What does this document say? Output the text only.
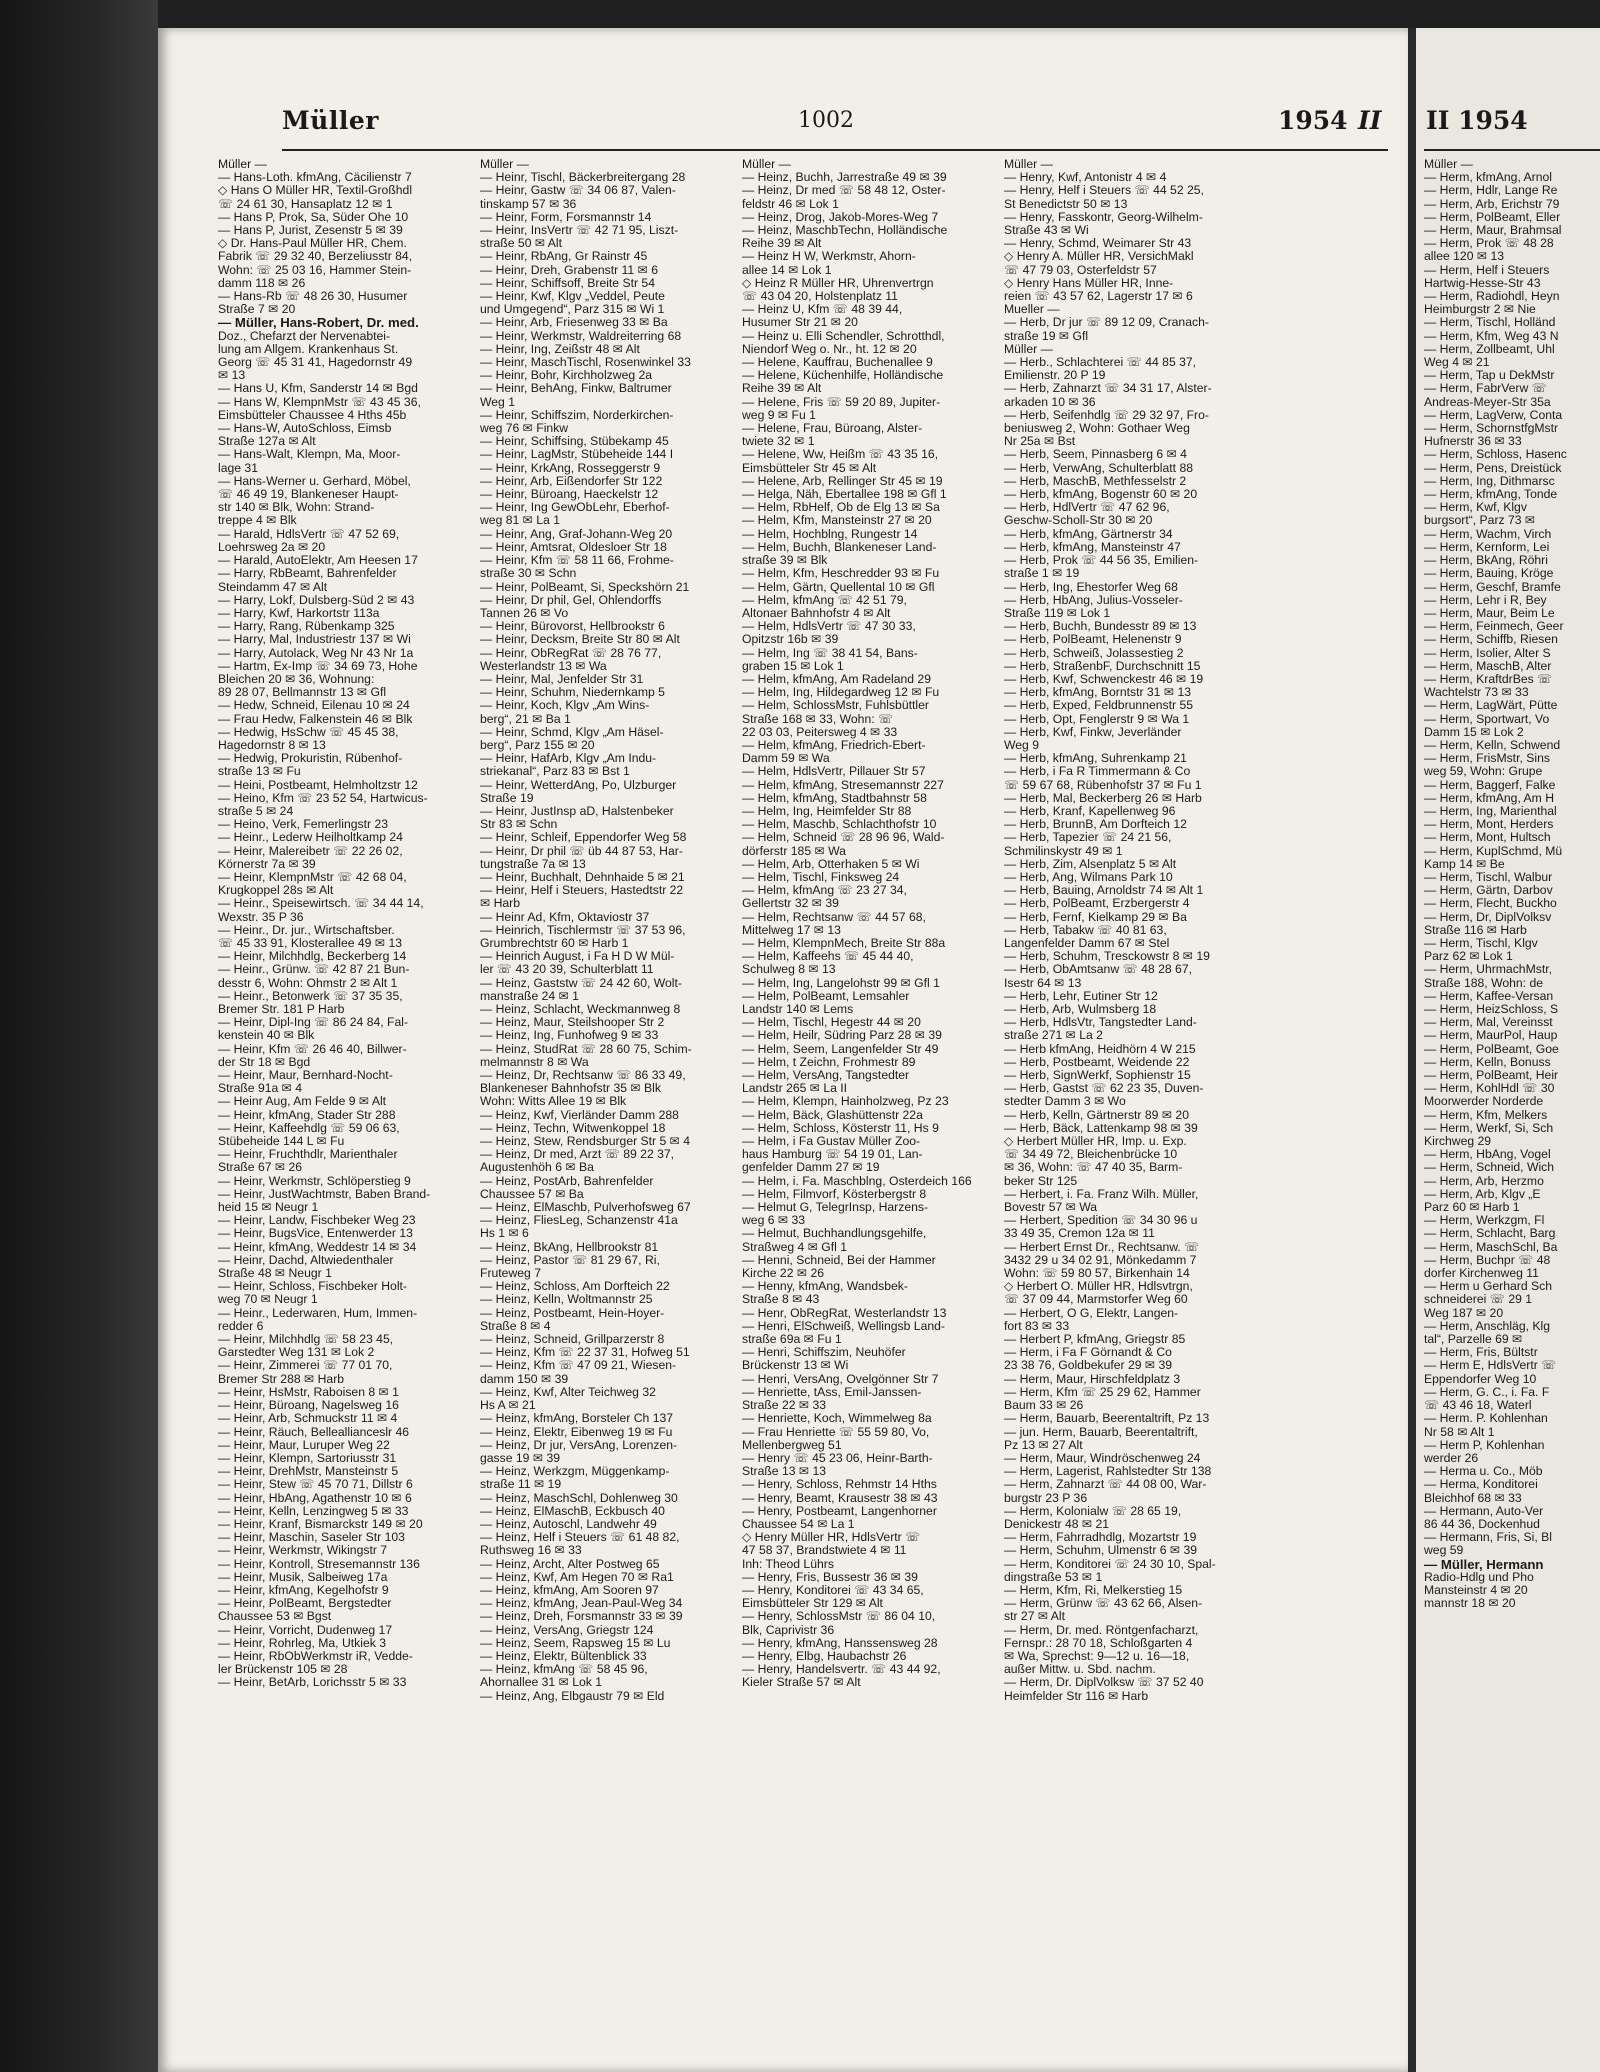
Müller	1002	1954 II
Müller —
— Hans-Loth. kfmAng, Cäcilienstr 7
◇ Hans O Müller HR, Textil-Großhdl
☏ 24 61 30, Hansaplatz 12 ✉ 1
— Hans P, Prok, Sa, Süder Ohe 10
— Hans P, Jurist, Zesenstr 5 ✉ 39
◇ Dr. Hans-Paul Müller HR, Chem.
Fabrik ☏ 29 32 40, Berzeliusstr 84,
Wohn: ☏ 25 03 16, Hammer Stein-
damm 118 ✉ 26
— Hans-Rb ☏ 48 26 30, Husumer
Straße 7 ✉ 20
— Müller, Hans-Robert, Dr. med.
Doz., Chefarzt der Nervenabtei-
lung am Allgem. Krankenhaus St.
Georg ☏ 45 31 41, Hagedornstr 49
✉ 13
— Hans U, Kfm, Sanderstr 14 ✉ Bgd
— Hans W, KlempnMstr ☏ 43 45 36,
Eimsbütteler Chaussee 4 Hths 45b
— Hans-W, AutoSchloss, Eimsb
Straße 127a ✉ Alt
— Hans-Walt, Klempn, Ma, Moor-
lage 31
— Hans-Werner u. Gerhard, Möbel,
☏ 46 49 19, Blankeneser Haupt-
str 140 ✉ Blk, Wohn: Strand-
treppe 4 ✉ Blk
— Harald, HdlsVertr ☏ 47 52 69,
Loehrsweg 2a ✉ 20
— Harald, AutoElektr, Am Heesen 17
— Harry, RbBeamt, Bahrenfelder
Steindamm 47 ✉ Alt
— Harry, Lokf, Dulsberg-Süd 2 ✉ 43
— Harry, Kwf, Harkortstr 113a
— Harry, Rang, Rübenkamp 325
— Harry, Mal, Industriestr 137 ✉ Wi
— Harry, Autolack, Weg Nr 43 Nr 1a
— Hartm, Ex-Imp ☏ 34 69 73, Hohe
Bleichen 20 ✉ 36, Wohnung:
89 28 07, Bellmannstr 13 ✉ Gfl
— Hedw, Schneid, Eilenau 10 ✉ 24
— Frau Hedw, Falkenstein 46 ✉ Blk
— Hedwig, HsSchw ☏ 45 45 38,
Hagedornstr 8 ✉ 13
— Hedwig, Prokuristin, Rübenhof-
straße 13 ✉ Fu
— Heini, Postbeamt, Helmholtzstr 12
— Heino, Kfm ☏ 23 52 54, Hartwicus-
straße 5 ✉ 24
— Heino, Verk, Femerlingstr 23
— Heinr., Lederw Heilholtkamp 24
— Heinr, Malereibetr ☏ 22 26 02,
Körnerstr 7a ✉ 39
— Heinr, KlempnMstr ☏ 42 68 04,
Krugkoppel 28s ✉ Alt
— Heinr., Speisewirtsch. ☏ 34 44 14,
Wexstr. 35 P 36
— Heinr., Dr. jur., Wirtschaftsber.
☏ 45 33 91, Klosterallee 49 ✉ 13
— Heinr, Milchhdlg, Beckerberg 14
— Heinr., Grünw. ☏ 42 87 21 Bun-
desstr 6, Wohn: Ohmstr 2 ✉ Alt 1
— Heinr., Betonwerk ☏ 37 35 35,
Bremer Str. 181 P Harb
— Heinr, Dipl-Ing ☏ 86 24 84, Fal-
kenstein 40 ✉ Blk
— Heinr, Kfm ☏ 26 46 40, Billwer-
der Str 18 ✉ Bgd
— Heinr, Maur, Bernhard-Nocht-
Straße 91a ✉ 4
— Heinr Aug, Am Felde 9 ✉ Alt
— Heinr, kfmAng, Stader Str 288
— Heinr, Kaffeehdlg ☏ 59 06 63,
Stübeheide 144 L ✉ Fu
— Heinr, Fruchthdlr, Marienthaler
Straße 67 ✉ 26
— Heinr, Werkmstr, Schlöperstieg 9
— Heinr, JustWachtmstr, Baben Brand-
heid 15 ✉ Neugr 1
— Heinr, Landw, Fischbeker Weg 23
— Heinr, BugsVice, Entenwerder 13
— Heinr, kfmAng, Weddestr 14 ✉ 34
— Heinr, Dachd, Altwiedenthaler
Straße 48 ✉ Neugr 1
— Heinr, Schloss, Fischbeker Holt-
weg 70 ✉ Neugr 1
— Heinr., Lederwaren, Hum, Immen-
redder 6
— Heinr, Milchhdlg ☏ 58 23 45,
Garstedter Weg 131 ✉ Lok 2
— Heinr, Zimmerei ☏ 77 01 70,
Bremer Str 288 ✉ Harb
— Heinr, HsMstr, Raboisen 8 ✉ 1
— Heinr, Büroang, Nagelsweg 16
— Heinr, Arb, Schmuckstr 11 ✉ 4
— Heinr, Räuch, Belleallianceslr 46
— Heinr, Maur, Luruper Weg 22
— Heinr, Klempn, Sartoriusstr 31
— Heinr, DrehMstr, Mansteinstr 5
— Heinr, Stew ☏ 45 70 71, Dillstr 6
— Heinr, HbAng, Agathenstr 10 ✉ 6
— Heinr, Kelln, Lenzingweg 5 ✉ 33
— Heinr, Kranf, Bismarckstr 149 ✉ 20
— Heinr, Maschin, Saseler Str 103
— Heinr, Werkmstr, Wikingstr 7
— Heinr, Kontroll, Stresemannstr 136
— Heinr, Musik, Salbeiweg 17a
— Heinr, kfmAng, Kegelhofstr 9
— Heinr, PolBeamt, Bergstedter
Chaussee 53 ✉ Bgst
— Heinr, Vorricht, Dudenweg 17
— Heinr, Rohrleg, Ma, Utkiek 3
— Heinr, RbObWerkmstr iR, Vedde-
ler Brückenstr 105 ✉ 28
— Heinr, BetArb, Lorichsstr 5 ✉ 33
Müller —
— Heinr, Tischl, Bäckerbreitergang 28
— Heinr, Gastw ☏ 34 06 87, Valen-
tinskamp 57 ✉ 36
— Heinr, Form, Forsmannstr 14
— Heinr, InsVertr ☏ 42 71 95, Liszt-
straße 50 ✉ Alt
— Heinr, RbAng, Gr Rainstr 45
— Heinr, Dreh, Grabenstr 11 ✉ 6
— Heinr, Schiffsoff, Breite Str 54
— Heinr, Kwf, Klgv „Veddel, Peute
und Umgegend“, Parz 315 ✉ Wi 1
— Heinr, Arb, Friesenweg 33 ✉ Ba
— Heinr, Werkmstr, Waldreiterring 68
— Heinr, Ing, Zeißstr 48 ✉ Alt
— Heinr, MaschTischl, Rosenwinkel 33
— Heinr, Bohr, Kirchholzweg 2a
— Heinr, BehAng, Finkw, Baltrumer
Weg 1
— Heinr, Schiffszim, Norderkirchen-
weg 76 ✉ Finkw
— Heinr, Schiffsing, Stübekamp 45
— Heinr, LagMstr, Stübeheide 144 I
— Heinr, KrkAng, Rosseggerstr 9
— Heinr, Arb, Eißendorfer Str 122
— Heinr, Büroang, Haeckelstr 12
— Heinr, Ing GewObLehr, Eberhof-
weg 81 ✉ La 1
— Heinr, Ang, Graf-Johann-Weg 20
— Heinr, Amtsrat, Oldesloer Str 18
— Heinr, Kfm ☏ 58 11 66, Frohme-
straße 30 ✉ Schn
— Heinr, PolBeamt, Si, Speckshörn 21
— Heinr, Dr phil, Gel, Ohlendorffs
Tannen 26 ✉ Vo
— Heinr, Bürovorst, Hellbrookstr 6
— Heinr, Decksm, Breite Str 80 ✉ Alt
— Heinr, ObRegRat ☏ 28 76 77,
Westerlandstr 13 ✉ Wa
— Heinr, Mal, Jenfelder Str 31
— Heinr, Schuhm, Niedernkamp 5
— Heinr, Koch, Klgv „Am Wins-
berg“, 21 ✉ Ba 1
— Heinr, Schmd, Klgv „Am Häsel-
berg“, Parz 155 ✉ 20
— Heinr, HafArb, Klgv „Am Indu-
striekanal“, Parz 83 ✉ Bst 1
— Heinr, WetterdAng, Po, Ulzburger
Straße 19
— Heinr, JustInsp aD, Halstenbeker
Str 83 ✉ Schn
— Heinr, Schleif, Eppendorfer Weg 58
— Heinr, Dr phil ☏ üb 44 87 53, Har-
tungstraße 7a ✉ 13
— Heinr, Buchhalt, Dehnhaide 5 ✉ 21
— Heinr, Helf i Steuers, Hastedtstr 22
✉ Harb
— Heinr Ad, Kfm, Oktaviostr 37
— Heinrich, Tischlermstr ☏ 37 53 96,
Grumbrechtstr 60 ✉ Harb 1
— Heinrich August, i Fa H D W Mül-
ler ☏ 43 20 39, Schulterblatt 11
— Heinz, Gaststw ☏ 24 42 60, Wolt-
manstraße 24 ✉ 1
— Heinz, Schlacht, Weckmannweg 8
— Heinz, Maur, Steilshooper Str 2
— Heinz, Ing, Funhofweg 9 ✉ 33
— Heinz, StudRat ☏ 28 60 75, Schim-
melmannstr 8 ✉ Wa
— Heinz, Dr, Rechtsanw ☏ 86 33 49,
Blankeneser Bahnhofstr 35 ✉ Blk
Wohn: Witts Allee 19 ✉ Blk
— Heinz, Kwf, Vierländer Damm 288
— Heinz, Techn, Witwenkoppel 18
— Heinz, Stew, Rendsburger Str 5 ✉ 4
— Heinz, Dr med, Arzt ☏ 89 22 37,
Augustenhöh 6 ✉ Ba
— Heinz, PostArb, Bahrenfelder
Chaussee 57 ✉ Ba
— Heinz, ElMaschb, Pulverhofsweg 67
— Heinz, FliesLeg, Schanzenstr 41a
Hs 1 ✉ 6
— Heinz, BkAng, Hellbrookstr 81
— Heinz, Pastor ☏ 81 29 67, Ri,
Fruteweg 7
— Heinz, Schloss, Am Dorfteich 22
— Heinz, Kelln, Woltmannstr 25
— Heinz, Postbeamt, Hein-Hoyer-
Straße 8 ✉ 4
— Heinz, Schneid, Grillparzerstr 8
— Heinz, Kfm ☏ 22 37 31, Hofweg 51
— Heinz, Kfm ☏ 47 09 21, Wiesen-
damm 150 ✉ 39
— Heinz, Kwf, Alter Teichweg 32
Hs A ✉ 21
— Heinz, kfmAng, Borsteler Ch 137
— Heinz, Elektr, Eibenweg 19 ✉ Fu
— Heinz, Dr jur, VersAng, Lorenzen-
gasse 19 ✉ 39
— Heinz, Werkzgm, Müggenkamp-
straße 11 ✉ 19
— Heinz, MaschSchl, Dohlenweg 30
— Heinz, ElMaschB, Eckbusch 40
— Heinz, Autoschl, Landwehr 49
— Heinz, Helf i Steuers ☏ 61 48 82,
Ruthsweg 16 ✉ 33
— Heinz, Archt, Alter Postweg 65
— Heinz, Kwf, Am Hegen 70 ✉ Ra1
— Heinz, kfmAng, Am Sooren 97
— Heinz, kfmAng, Jean-Paul-Weg 34
— Heinz, Dreh, Forsmannstr 33 ✉ 39
— Heinz, VersAng, Griegstr 124
— Heinz, Seem, Rapsweg 15 ✉ Lu
— Heinz, Elektr, Bültenblick 33
— Heinz, kfmAng ☏ 58 45 96,
Ahornallee 31 ✉ Lok 1
— Heinz, Ang, Elbgaustr 79 ✉ Eld
Müller —
— Heinz, Buchh, Jarrestraße 49 ✉ 39
— Heinz, Dr med ☏ 58 48 12, Oster-
feldstr 46 ✉ Lok 1
— Heinz, Drog, Jakob-Mores-Weg 7
— Heinz, MaschbTechn, Holländische
Reihe 39 ✉ Alt
— Heinz H W, Werkmstr, Ahorn-
allee 14 ✉ Lok 1
◇ Heinz R Müller HR, Uhrenvertrgn
☏ 43 04 20, Holstenplatz 11
— Heinz U, Kfm ☏ 48 39 44,
Husumer Str 21 ✉ 20
— Heinz u. Elli Schendler, Schrotthdl,
Niendorf Weg o. Nr., ht. 12 ✉ 20
— Helene, Kauffrau, Buchenallee 9
— Helene, Küchenhilfe, Holländische
Reihe 39 ✉ Alt
— Helene, Fris ☏ 59 20 89, Jupiter-
weg 9 ✉ Fu 1
— Helene, Frau, Büroang, Alster-
twiete 32 ✉ 1
— Helene, Ww, Heißm ☏ 43 35 16,
Eimsbütteler Str 45 ✉ Alt
— Helene, Arb, Rellinger Str 45 ✉ 19
— Helga, Näh, Ebertallee 198 ✉ Gfl 1
— Helm, RbHelf, Ob de Elg 13 ✉ Sa
— Helm, Kfm, Mansteinstr 27 ✉ 20
— Helm, Hochblng, Rungestr 14
— Helm, Buchh, Blankeneser Land-
straße 39 ✉ Blk
— Helm, Kfm, Heschredder 93 ✉ Fu
— Helm, Gärtn, Quellental 10 ✉ Gfl
— Helm, kfmAng ☏ 42 51 79,
Altonaer Bahnhofstr 4 ✉ Alt
— Helm, HdlsVertr ☏ 47 30 33,
Opitzstr 16b ✉ 39
— Helm, Ing ☏ 38 41 54, Bans-
graben 15 ✉ Lok 1
— Helm, kfmAng, Am Radeland 29
— Helm, Ing, Hildegardweg 12 ✉ Fu
— Helm, SchlossMstr, Fuhlsbüttler
Straße 168 ✉ 33, Wohn: ☏
22 03 03, Peitersweg 4 ✉ 33
— Helm, kfmAng, Friedrich-Ebert-
Damm 59 ✉ Wa
— Helm, HdlsVertr, Pillauer Str 57
— Helm, kfmAng, Stresemannstr 227
— Helm, kfmAng, Stadtbahnstr 58
— Helm, Ing, Heimfelder Str 88
— Helm, Maschb, Schlachthofstr 10
— Helm, Schneid ☏ 28 96 96, Wald-
dörferstr 185 ✉ Wa
— Helm, Arb, Otterhaken 5 ✉ Wi
— Helm, Tischl, Finksweg 24
— Helm, kfmAng ☏ 23 27 34,
Gellertstr 32 ✉ 39
— Helm, Rechtsanw ☏ 44 57 68,
Mittelweg 17 ✉ 13
— Helm, KlempnMech, Breite Str 88a
— Helm, Kaffeehs ☏ 45 44 40,
Schulweg 8 ✉ 13
— Helm, Ing, Langelohstr 99 ✉ Gfl 1
— Helm, PolBeamt, Lemsahler
Landstr 140 ✉ Lems
— Helm, Tischl, Hegestr 44 ✉ 20
— Helm, Heilr, Südring Parz 28 ✉ 39
— Helm, Seem, Langenfelder Str 49
— Helm, t Zeichn, Frohmestr 89
— Helm, VersAng, Tangstedter
Landstr 265 ✉ La II
— Helm, Klempn, Hainholzweg, Pz 23
— Helm, Bäck, Glashüttenstr 22a
— Helm, Schloss, Kösterstr 11, Hs 9
— Helm, i Fa Gustav Müller Zoo-
haus Hamburg ☏ 54 19 01, Lan-
genfelder Damm 27 ✉ 19
— Helm, i. Fa. Maschblng, Osterdeich 166
— Helm, Filmvorf, Kösterbergstr 8
— Helmut G, TelegrInsp, Harzens-
weg 6 ✉ 33
— Helmut, Buchhandlungsgehilfe,
Straßweg 4 ✉ Gfl 1
— Henni, Schneid, Bei der Hammer
Kirche 22 ✉ 26
— Henny, kfmAng, Wandsbek-
Straße 8 ✉ 43
— Henr, ObRegRat, Westerlandstr 13
— Henri, ElSchweiß, Wellingsb Land-
straße 69a ✉ Fu 1
— Henri, Schiffszim, Neuhöfer
Brückenstr 13 ✉ Wi
— Henri, VersAng, Ovelgönner Str 7
— Henriette, tAss, Emil-Janssen-
Straße 22 ✉ 33
— Henriette, Koch, Wimmelweg 8a
— Frau Henriette ☏ 55 59 80, Vo,
Mellenbergweg 51
— Henry ☏ 45 23 06, Heinr-Barth-
Straße 13 ✉ 13
— Henry, Schloss, Rehmstr 14 Hths
— Henry, Beamt, Krausestr 38 ✉ 43
— Henry, Postbeamt, Langenhorner
Chaussee 54 ✉ La 1
◇ Henry Müller HR, HdlsVertr ☏
47 58 37, Brandstwiete 4 ✉ 11
Inh: Theod Lührs
— Henry, Fris, Bussestr 36 ✉ 39
— Henry, Konditorei ☏ 43 34 65,
Eimsbütteler Str 129 ✉ Alt
— Henry, SchlossMstr ☏ 86 04 10,
Blk, Caprivistr 36
— Henry, kfmAng, Hanssensweg 28
— Henry, Elbg, Haubachstr 26
— Henry, Handelsvertr. ☏ 43 44 92,
Kieler Straße 57 ✉ Alt
Müller —
— Henry, Kwf, Antonistr 4 ✉ 4
— Henry, Helf i Steuers ☏ 44 52 25,
St Benedictstr 50 ✉ 13
— Henry, Fasskontr, Georg-Wilhelm-
Straße 43 ✉ Wi
— Henry, Schmd, Weimarer Str 43
◇ Henry A. Müller HR, VersichMakl
☏ 47 79 03, Osterfeldstr 57
◇ Henry Hans Müller HR, Inne-
reien ☏ 43 57 62, Lagerstr 17 ✉ 6
Mueller —
— Herb, Dr jur ☏ 89 12 09, Cranach-
straße 19 ✉ Gfl
Müller —
— Herb., Schlachterei ☏ 44 85 37,
Emilienstr. 20 P 19
— Herb, Zahnarzt ☏ 34 31 17, Alster-
arkaden 10 ✉ 36
— Herb, Seifenhdlg ☏ 29 32 97, Fro-
beniusweg 2, Wohn: Gothaer Weg
Nr 25a ✉ Bst
— Herb, Seem, Pinnasberg 6 ✉ 4
— Herb, VerwAng, Schulterblatt 88
— Herb, MaschB, Methfesselstr 2
— Herb, kfmAng, Bogenstr 60 ✉ 20
— Herb, HdlVertr ☏ 47 62 96,
Geschw-Scholl-Str 30 ✉ 20
— Herb, kfmAng, Gärtnerstr 34
— Herb, kfmAng, Mansteinstr 47
— Herb, Prok ☏ 44 56 35, Emilien-
straße 1 ✉ 19
— Herb, Ing, Ehestorfer Weg 68
— Herb, HbAng, Julius-Vosseler-
Straße 119 ✉ Lok 1
— Herb, Buchh, Bundesstr 89 ✉ 13
— Herb, PolBeamt, Helenenstr 9
— Herb, Schweiß, Jolassestieg 2
— Herb, StraßenbF, Durchschnitt 15
— Herb, Kwf, Schwenckestr 46 ✉ 19
— Herb, kfmAng, Borntstr 31 ✉ 13
— Herb, Exped, Feldbrunnenstr 55
— Herb, Opt, Fenglerstr 9 ✉ Wa 1
— Herb, Kwf, Finkw, Jeverländer
Weg 9
— Herb, kfmAng, Suhrenkamp 21
— Herb, i Fa R Timmermann & Co
☏ 59 67 68, Rübenhofstr 37 ✉ Fu 1
— Herb, Mal, Beckerberg 26 ✉ Harb
— Herb, Kranf, Kapellenweg 96
— Herb, BrunnB, Am Dorfteich 12
— Herb, Tapezier ☏ 24 21 56,
Schmilinskystr 49 ✉ 1
— Herb, Zim, Alsenplatz 5 ✉ Alt
— Herb, Ang, Wilmans Park 10
— Herb, Bauing, Arnoldstr 74 ✉ Alt 1
— Herb, PolBeamt, Erzbergerstr 4
— Herb, Fernf, Kielkamp 29 ✉ Ba
— Herb, Tabakw ☏ 40 81 63,
Langenfelder Damm 67 ✉ Stel
— Herb, Schuhm, Tresckowstr 8 ✉ 19
— Herb, ObAmtsanw ☏ 48 28 67,
Isestr 64 ✉ 13
— Herb, Lehr, Eutiner Str 12
— Herb, Arb, Wulmsberg 18
— Herb, HdlsVtr, Tangstedter Land-
straße 271 ✉ La 2
— Herb kfmAng, Heidhörn 4 W 215
— Herb, Postbeamt, Weidende 22
— Herb, SignWerkf, Sophienstr 15
— Herb, Gastst ☏ 62 23 35, Duven-
stedter Damm 3 ✉ Wo
— Herb, Kelln, Gärtnerstr 89 ✉ 20
— Herb, Bäck, Lattenkamp 98 ✉ 39
◇ Herbert Müller HR, Imp. u. Exp.
☏ 34 49 72, Bleichenbrücke 10
✉ 36, Wohn: ☏ 47 40 35, Barm-
beker Str 125
— Herbert, i. Fa. Franz Wilh. Müller,
Bovestr 57 ✉ Wa
— Herbert, Spedition ☏ 34 30 96 u
33 49 35, Cremon 12a ✉ 11
— Herbert Ernst Dr., Rechtsanw. ☏
3432 29 u 34 02 91, Mönkedamm 7
Wohn: ☏ 59 80 57, Birkenhain 14
◇ Herbert O. Müller HR, Hdlsvtrgn,
☏ 37 09 44, Marmstorfer Weg 60
— Herbert, O G, Elektr, Langen-
fort 83 ✉ 33
— Herbert P, kfmAng, Griegstr 85
— Herm, i Fa F Görnandt & Co
23 38 76, Goldbekufer 29 ✉ 39
— Herm, Maur, Hirschfeldplatz 3
— Herm, Kfm ☏ 25 29 62, Hammer
Baum 33 ✉ 26
— Herm, Bauarb, Beerentaltrift, Pz 13
— jun. Herm, Bauarb, Beerentaltrift,
Pz 13 ✉ 27 Alt
— Herm, Maur, Windröschenweg 24
— Herm, Lagerist, Rahlstedter Str 138
— Herm, Zahnarzt ☏ 44 08 00, War-
burgstr 23 P 36
— Herm, Kolonialw ☏ 28 65 19,
Denickestr 48 ✉ 21
— Herm, Fahrradhdlg, Mozartstr 19
— Herm, Schuhm, Ulmenstr 6 ✉ 39
— Herm, Konditorei ☏ 24 30 10, Spal-
dingstraße 53 ✉ 1
— Herm, Kfm, Ri, Melkerstieg 15
— Herm, Grünw ☏ 43 62 66, Alsen-
str 27 ✉ Alt
— Herm, Dr. med. Röntgenfacharzt,
Fernspr.: 28 70 18, Schloßgarten 4
✉ Wa, Sprechst: 9—12 u. 16—18,
außer Mittw. u. Sbd. nachm.
— Herm, Dr. DiplVolksw ☏ 37 52 40
Heimfelder Str 116 ✉ Harb
II 1954
Müller —
— Herm, kfmAng, Arnol
— Herm, Hdlr, Lange Re
— Herm, Arb, Erichstr 79
— Herm, PolBeamt, Eller
— Herm, Maur, Brahmsal
— Herm, Prok ☏ 48 28
allee 120 ✉ 13
— Herm, Helf i Steuers
Hartwig-Hesse-Str 43
— Herm, Radiohdl, Heyn
Heimburgstr 2 ✉ Nie
— Herm, Tischl, Holländ
— Herm, Kfm, Weg 43 N
— Herm, Zollbeamt, Uhl
Weg 4 ✉ 21
— Herm, Tap u DekMstr
— Herm, FabrVerw ☏
Andreas-Meyer-Str 35a
— Herm, LagVerw, Conta
— Herm, SchornstfgMstr
Hufnerstr 36 ✉ 33
— Herm, Schloss, Hasenc
— Herm, Pens, Dreistück
— Herm, Ing, Dithmarsc
— Herm, kfmAng, Tonde
— Herm, Kwf, Klgv
burgsort“, Parz 73 ✉
— Herm, Wachm, Virch
— Herm, Kernform, Lei
— Herm, BkAng, Röhri
— Herm, Bauing, Kröge
— Herm, Geschf, Bramfe
— Herm, Lehr i R, Bey
— Herm, Maur, Beim Le
— Herm, Feinmech, Geer
— Herm, Schiffb, Riesen
— Herm, Isolier, Alter S
— Herm, MaschB, Alter
— Herm, KraftdrBes ☏
Wachtelstr 73 ✉ 33
— Herm, LagWärt, Pütte
— Herm, Sportwart, Vo
Damm 15 ✉ Lok 2
— Herm, Kelln, Schwend
— Herm, FrisMstr, Sins
weg 59, Wohn: Grupe
— Herm, Baggerf, Falke
— Herm, kfmAng, Am H
— Herm, Ing, Marienthal
— Herm, Mont, Herders
— Herm, Mont, Hultsch
— Herm, KuplSchmd, Mü
Kamp 14 ✉ Be
— Herm, Tischl, Walbur
— Herm, Gärtn, Darbov
— Herm, Flecht, Buckho
— Herm, Dr, DiplVolksv
Straße 116 ✉ Harb
— Herm, Tischl, Klgv
Parz 62 ✉ Lok 1
— Herm, UhrmachMstr,
Straße 188, Wohn: de
— Herm, Kaffee-Versan
— Herm, HeizSchloss, S
— Herm, Mal, Vereinsst
— Herm, MaurPol, Haup
— Herm, PolBeamt, Goe
— Herm, Kelln, Bonuss
— Herm, PolBeamt, Heir
— Herm, KohlHdl ☏ 30
Moorwerder Norderde
— Herm, Kfm, Melkers
— Herm, Werkf, Si, Sch
Kirchweg 29
— Herm, HbAng, Vogel
— Herm, Schneid, Wich
— Herm, Arb, Herzmo
— Herm, Arb, Klgv „E
Parz 60 ✉ Harb 1
— Herm, Werkzgm, Fl
— Herm, Schlacht, Barg
— Herm, MaschSchl, Ba
— Herm, Buchpr ☏ 48
dorfer Kirchenweg 11
— Herm u Gerhard Sch
schneiderei ☏ 29 1
Weg 187 ✉ 20
— Herm, Anschläg, Klg
tal“, Parzelle 69 ✉
— Herm, Fris, Bültstr
— Herm E, HdlsVertr ☏
Eppendorfer Weg 10
— Herm, G. C., i. Fa. F
☏ 43 46 18, Waterl
— Herm. P. Kohlenhan
Nr 58 ✉ Alt 1
— Herm P, Kohlenhan
werder 26
— Herma u. Co., Möb
— Herma, Konditorei
Bleichhof 68 ✉ 33
— Hermann, Auto-Ver
86 44 36, Dockenhud
— Hermann, Fris, Si, Bl
weg 59
— Müller, Hermann
Radio-Hdlg und Pho
Mansteinstr 4 ✉ 20
mannstr 18 ✉ 20
